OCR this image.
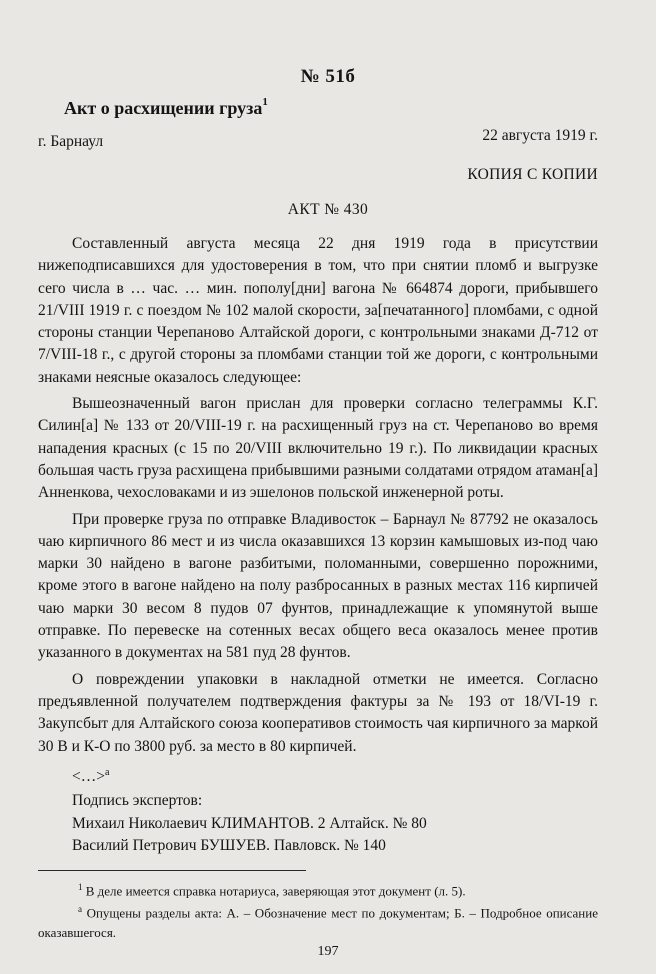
№ 51б
Акт о расхищении груза$^1$
г. Барнаул	22 августа 1919 г.
КОПИЯ С КОПИИ
АКТ № 430

Составленный августа месяца 22 дня 1919 года в присутствии нижеподписавшихся для удостоверения в том, что при снятии пломб и выгрузке сего числа в … час. … мин. пополу[дни] вагона № 664874 дороги, прибывшего 21/VIII 1919 г. с поездом № 102 малой скорости, за[печатанного] пломбами, с одной стороны станции Черепаново Алтайской дороги, с контрольными знаками Д-712 от 7/VIII-18 г., с другой стороны за пломбами станции той же дороги, с контрольными знаками неясные оказалось следующее:

Вышеозначенный вагон прислан для проверки согласно телеграммы К.Г. Силин[а] № 133 от 20/VIII-19 г. на расхищенный груз на ст. Черепаново во время нападения красных (с 15 по 20/VIII включительно 19 г.). По ликвидации красных большая часть груза расхищена прибывшими разными солдатами отрядом атаман[а] Анненкова, чехословаками и из эшелонов польской инженерной роты.

При проверке груза по отправке Владивосток – Барнаул № 87792 не оказалось чаю кирпичного 86 мест и из числа оказавшихся 13 корзин камышовых из-под чаю марки 30 найдено в вагоне разбитыми, поломанными, совершенно порожними, кроме этого в вагоне найдено на полу разбросанных в разных местах 116 кирпичей чаю марки 30 весом 8 пудов 07 фунтов, принадлежащие к упомянутой выше отправке. По перевеске на сотенных весах общего веса оказалось менее против указанного в документах на 581 пуд 28 фунтов.

О повреждении упаковки в накладной отметки не имеется. Согласно предъявленной получателем подтверждения фактуры за № 193 от 18/VI-19 г. Закупсбыт для Алтайского союза кооперативов стоимость чая кирпичного за маркой 30 В и К-О по 3800 руб. за место в 80 кирпичей.

<…>$^а$
Подпись экспертов:
Михаил Николаевич КЛИМАНТОВ. 2 Алтайск. № 80
Василий Петрович БУШУЕВ. Павловск. № 140

$^1$ В деле имеется справка нотариуса, заверяющая этот документ (л. 5).

$^а$ Опущены разделы акта: А. – Обозначение мест по документам; Б. – Подробное описание оказавшегося.

197
